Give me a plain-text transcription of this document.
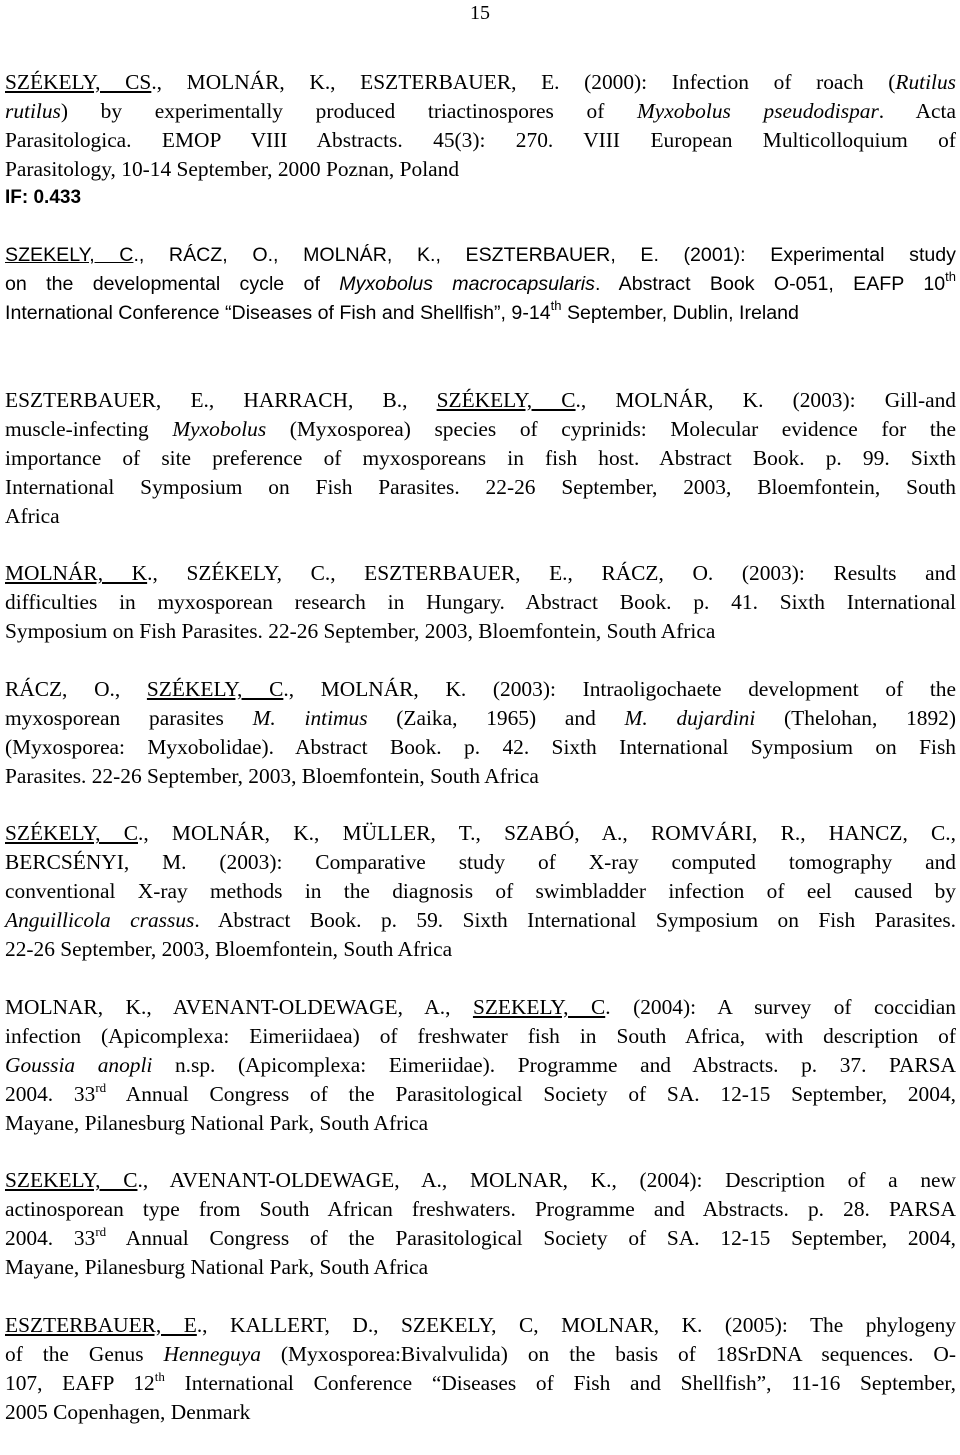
15
SZÉKELY, CS., MOLNÁR, K., ESZTERBAUER, E. (2000): Infection of roach (Rutilus
rutilus) by experimentally produced triactinospores of Myxobolus pseudodispar. Acta
Parasitologica. EMOP VIII Abstracts. 45(3): 270. VIII European Multicolloquium of
Parasitology, 10-14 September, 2000 Poznan, Poland
IF: 0.433
SZEKELY, C., RÁCZ, O., MOLNÁR, K., ESZTERBAUER, E. (2001): Experimental study
on the developmental cycle of Myxobolus macrocapsularis. Abstract Book O-051, EAFP 10th
International Conference “Diseases of Fish and Shellfish”, 9-14th September, Dublin, Ireland
ESZTERBAUER, E., HARRACH, B., SZÉKELY, C., MOLNÁR, K. (2003): Gill-and
muscle-infecting Myxobolus (Myxosporea) species of cyprinids: Molecular evidence for the
importance of site preference of myxosporeans in fish host. Abstract Book. p. 99. Sixth
International Symposium on Fish Parasites. 22-26 September, 2003, Bloemfontein, South
Africa
MOLNÁR, K., SZÉKELY, C., ESZTERBAUER, E., RÁCZ, O. (2003): Results and
difficulties in myxosporean research in Hungary. Abstract Book. p. 41. Sixth International
Symposium on Fish Parasites. 22-26 September, 2003, Bloemfontein, South Africa
RÁCZ, O., SZÉKELY, C., MOLNÁR, K. (2003): Intraoligochaete development of the
myxosporean parasites M. intimus (Zaika, 1965) and M. dujardini (Thelohan, 1892)
(Myxosporea: Myxobolidae). Abstract Book. p. 42. Sixth International Symposium on Fish
Parasites. 22-26 September, 2003, Bloemfontein, South Africa
SZÉKELY, C., MOLNÁR, K., MÜLLER, T., SZABÓ, A., ROMVÁRI, R., HANCZ, C.,
BERCSÉNYI, M. (2003): Comparative study of X-ray computed tomography and
conventional X-ray methods in the diagnosis of swimbladder infection of eel caused by
Anguillicola crassus. Abstract Book. p. 59. Sixth International Symposium on Fish Parasites.
22-26 September, 2003, Bloemfontein, South Africa
MOLNAR, K., AVENANT-OLDEWAGE, A., SZEKELY, C. (2004): A survey of coccidian
infection (Apicomplexa: Eimeriidaea) of freshwater fish in South Africa, with description of
Goussia anopli n.sp. (Apicomplexa: Eimeriidae). Programme and Abstracts. p. 37. PARSA
2004. 33rd Annual Congress of the Parasitological Society of SA. 12-15 September, 2004,
Mayane, Pilanesburg National Park, South Africa
SZEKELY, C., AVENANT-OLDEWAGE, A., MOLNAR, K., (2004): Description of a new
actinosporean type from South African freshwaters. Programme and Abstracts. p. 28. PARSA
2004. 33rd Annual Congress of the Parasitological Society of SA. 12-15 September, 2004,
Mayane, Pilanesburg National Park, South Africa
ESZTERBAUER, E., KALLERT, D., SZEKELY, C, MOLNAR, K. (2005): The phylogeny
of the Genus Henneguya (Myxosporea:Bivalvulida) on the basis of 18SrDNA sequences. O-
107, EAFP 12th International Conference “Diseases of Fish and Shellfish”, 11-16 September,
2005 Copenhagen, Denmark
